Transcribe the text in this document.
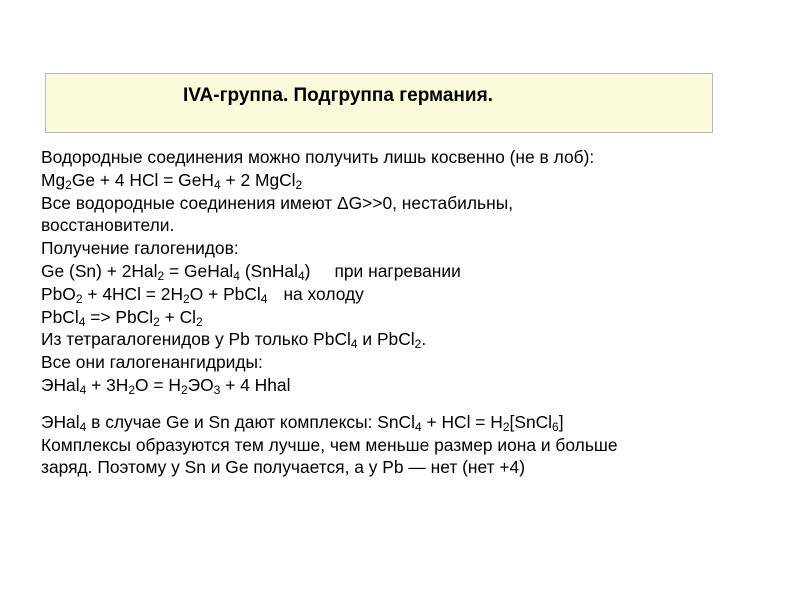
IVA-группа. Подгруппа германия.
Водородные соединения можно получить лишь косвенно (не в лоб):
$Mg_2Ge + 4$ HCl = GeH$_4$ + 2 MgCl$_2$
Все водородные соединения имеют ΔG>>0, нестабильны,
восстановители.
Получение галогенидов:
Ge (Sn) + 2Hal$_2$ = GeHal$_4$ (SnHal$_4$) при нагревании
$PbO_2 + 4HCl = 2H_2O$ + PbCl$_4$ на холоду
PbCl$_4$ => PbCl$_2$ + $Cl_2$
Из тетрагалогенидов у Pb только PbCl$_4$ и PbCl$_2$.
Все они галогенангидриды:
ЭHal$_4$ + $3H_2O = H_2ЭO_3 + 4$ Hhal
ЭHal$_4$ в случае Ge и Sn дают комплексы: SnCl$_4$ + HCl = $H_2[SnCl_6]$
Комплексы образуются тем лучше, чем меньше размер иона и больше
заряд. Поэтому у Sn и Ge получается, а у Pb — нет (нет +4)
